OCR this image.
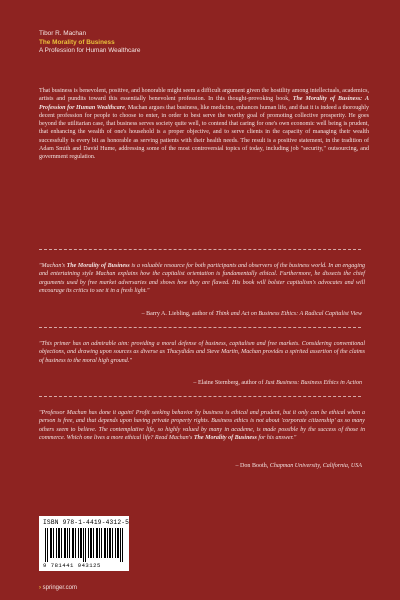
Tibor R. Machan
The Morality of Business
A Profession for Human Wealthcare
That business is benevolent, positive, and honorable might seem a difficult argument given the hostility among intellectuals, academics, artists and pundits toward this essentially benevolent profession. In this thought-provoking book, The Morality of Business: A Profession for Human Wealthcare, Machan argues that business, like medicine, enhances human life, and that it is indeed a thoroughly decent profession for people to choose to enter, in order to best serve the worthy goal of promoting collective prosperity. He goes beyond the utilitarian case, that business serves society quite well, to contend that caring for one's own economic well being is prudent, that enhancing the wealth of one's household is a proper objective, and to serve clients in the capacity of managing their wealth successfully is every bit as honorable as serving patients with their health needs. The result is a positive statement, in the tradition of Adam Smith and David Hume, addressing some of the most controversial topics of today, including job "security," outsourcing, and government regulation.
"Machan's The Morality of Business is a valuable resource for both participants and observers of the business world. In an engaging and entertaining style Machan explains how the capitalist orientation is fundamentally ethical. Furthermore, he dissects the chief arguments used by free market adversaries and shows how they are flawed. His book will bolster capitalism's advocates and will encourage its critics to see it in a fresh light."
– Barry A. Liebling, author of Think and Act on Business Ethics: A Radical Capitalist View
"This primer has an admirable aim: providing a moral defense of business, capitalism and free markets. Considering conventional objections, and drawing upon sources as diverse as Thucydides and Steve Martin, Machan provides a spirited assertion of the claims of business to the moral high ground."
– Elaine Sternberg, author of Just Business: Business Ethics in Action
"Professor Machan has done it again! Profit seeking behavior by business is ethical and prudent, but it only can be ethical when a person is free, and that depends upon having private property rights. Business ethics is not about 'corporate citizenship' as so many others seem to believe. The contemplative life, so highly valued by many in academe, is made possible by the success of those in commerce. Which one lives a more ethical life? Read Machan's The Morality of Business for his answer."
– Don Booth, Chapman University, California, USA
ISBN 978-1-4419-4312-5
9 781441 943125
› springer.com
